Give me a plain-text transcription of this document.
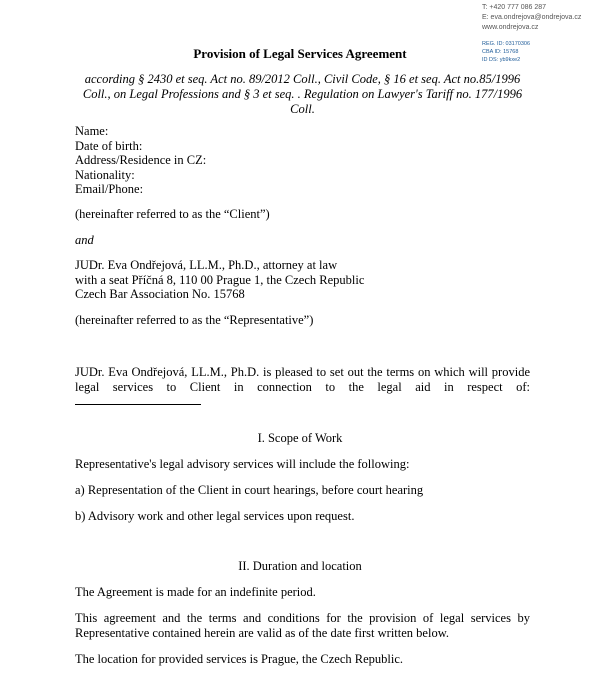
T: +420 777 086 287
E: eva.ondrejova@ondrejova.cz
www.ondrejova.cz
REG. ID: 03170306
CBA ID: 15768
ID DS: yb9kxe2
Provision of Legal Services Agreement
according § 2430 et seq. Act no. 89/2012 Coll., Civil Code, § 16 et seq. Act no.85/1996 Coll., on Legal Professions and § 3 et seq. . Regulation on Lawyer's Tariff no. 177/1996 Coll.
Name:
Date of birth:
Address/Residence in CZ:
Nationality:
Email/Phone:
(hereinafter referred to as the “Client”)
and
JUDr. Eva Ondřejová, LL.M., Ph.D., attorney at law
with a seat Příčná 8, 110 00 Prague 1, the Czech Republic
Czech Bar Association No. 15768
(hereinafter referred to as the “Representative”)
JUDr. Eva Ondřejová, LL.M., Ph.D. is pleased to set out the terms on which will provide legal services to Client in connection to the legal aid in respect of:
I. Scope of Work
Representative's legal advisory services will include the following:
a) Representation of the Client in court hearings, before court hearing
b) Advisory work and other legal services upon request.
II. Duration and location
The Agreement is made for an indefinite period.
This agreement and the terms and conditions for the provision of legal services by Representative contained herein are valid as of the date first written below.
The location for provided services is Prague, the Czech Republic.
